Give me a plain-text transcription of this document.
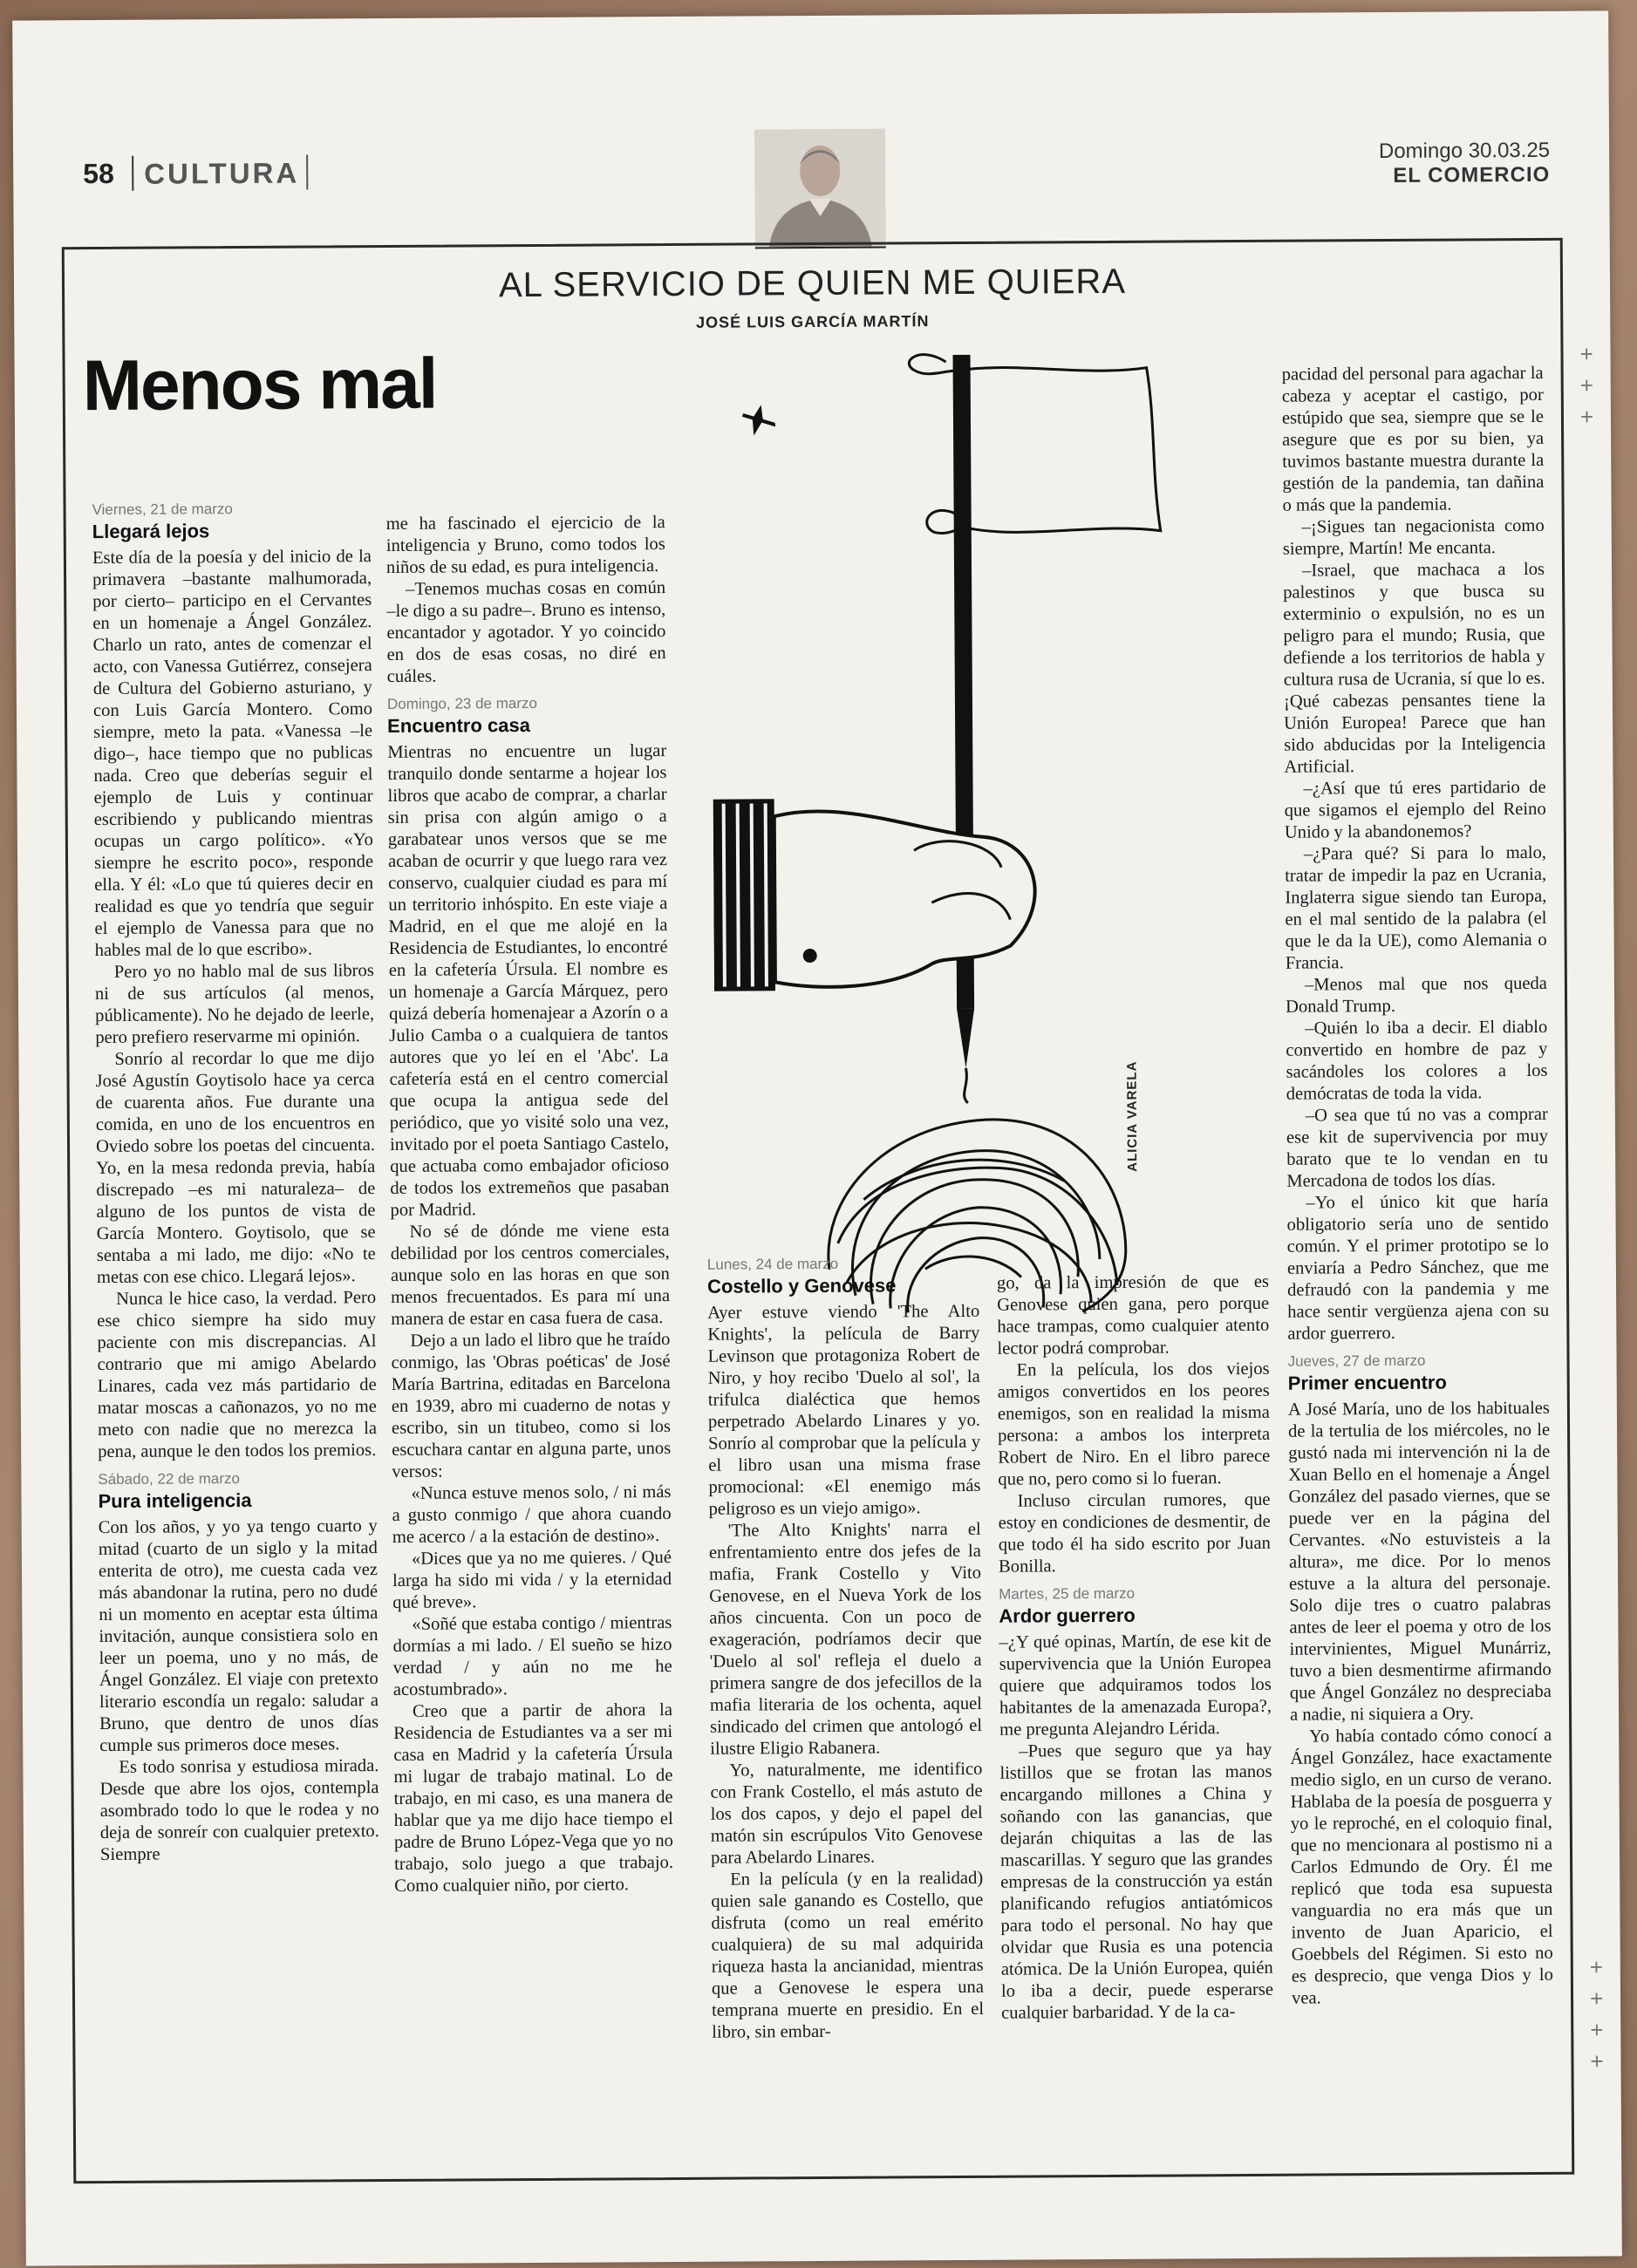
58 CULTURA
Domingo 30.03.25
EL COMERCIO
AL SERVICIO DE QUIEN ME QUIERA
JOSÉ LUIS GARCÍA MARTÍN
Menos mal
ALICIA VARELA
Viernes, 21 de marzo
Llegará lejos

Este día de la poesía y del inicio de la primavera –bastante malhumorada, por cierto– participo en el Cervantes en un homenaje a Ángel González. Charlo un rato, antes de comenzar el acto, con Vanessa Gutiérrez, consejera de Cultura del Gobierno asturiano, y con Luis García Montero. Como siempre, meto la pata. «Vanessa –le digo–, hace tiempo que no publicas nada. Creo que deberías seguir el ejemplo de Luis y continuar escribiendo y publicando mientras ocupas un cargo político». «Yo siempre he escrito poco», responde ella. Y él: «Lo que tú quieres decir en realidad es que yo tendría que seguir el ejemplo de Vanessa para que no hables mal de lo que escribo».

Pero yo no hablo mal de sus libros ni de sus artículos (al menos, públicamente). No he dejado de leerle, pero prefiero reservarme mi opinión.

Sonrío al recordar lo que me dijo José Agustín Goytisolo hace ya cerca de cuarenta años. Fue durante una comida, en uno de los encuentros en Oviedo sobre los poetas del cincuenta. Yo, en la mesa redonda previa, había discrepado –es mi naturaleza– de alguno de los puntos de vista de García Montero. Goytisolo, que se sentaba a mi lado, me dijo: «No te metas con ese chico. Llegará lejos».

Nunca le hice caso, la verdad. Pero ese chico siempre ha sido muy paciente con mis discrepancias. Al contrario que mi amigo Abelardo Linares, cada vez más partidario de matar moscas a cañonazos, yo no me meto con nadie que no merezca la pena, aunque le den todos los premios.

Sábado, 22 de marzo
Pura inteligencia

Con los años, y yo ya tengo cuarto y mitad (cuarto de un siglo y la mitad enterita de otro), me cuesta cada vez más abandonar la rutina, pero no dudé ni un momento en aceptar esta última invitación, aunque consistiera solo en leer un poema, uno y no más, de Ángel González. El viaje con pretexto literario escondía un regalo: saludar a Bruno, que dentro de unos días cumple sus primeros doce meses.

Es todo sonrisa y estudiosa mirada. Desde que abre los ojos, contempla asombrado todo lo que le rodea y no deja de sonreír con cualquier pretexto. Siempre

me ha fascinado el ejercicio de la inteligencia y Bruno, como todos los niños de su edad, es pura inteligencia.

–Tenemos muchas cosas en común –le digo a su padre–. Bruno es intenso, encantador y agotador. Y yo coincido en dos de esas cosas, no diré en cuáles.

Domingo, 23 de marzo
Encuentro casa

Mientras no encuentre un lugar tranquilo donde sentarme a hojear los libros que acabo de comprar, a charlar sin prisa con algún amigo o a garabatear unos versos que se me acaban de ocurrir y que luego rara vez conservo, cualquier ciudad es para mí un territorio inhóspito. En este viaje a Madrid, en el que me alojé en la Residencia de Estudiantes, lo encontré en la cafetería Úrsula. El nombre es un homenaje a García Márquez, pero quizá debería homenajear a Azorín o a Julio Camba o a cualquiera de tantos autores que yo leí en el 'Abc'. La cafetería está en el centro comercial que ocupa la antigua sede del periódico, que yo visité solo una vez, invitado por el poeta Santiago Castelo, que actuaba como embajador oficioso de todos los extremeños que pasaban por Madrid.

No sé de dónde me viene esta debilidad por los centros comerciales, aunque solo en las horas en que son menos frecuentados. Es para mí una manera de estar en casa fuera de casa.

Dejo a un lado el libro que he traído conmigo, las 'Obras poéticas' de José María Bartrina, editadas en Barcelona en 1939, abro mi cuaderno de notas y escribo, sin un titubeo, como si los escuchara cantar en alguna parte, unos versos:

«Nunca estuve menos solo, / ni más a gusto conmigo / que ahora cuando me acerco / a la estación de destino».

«Dices que ya no me quieres. / Qué larga ha sido mi vida / y la eternidad qué breve».

«Soñé que estaba contigo / mientras dormías a mi lado. / El sueño se hizo verdad / y aún no me he acostumbrado».

Creo que a partir de ahora la Residencia de Estudiantes va a ser mi casa en Madrid y la cafetería Úrsula mi lugar de trabajo matinal. Lo de trabajo, en mi caso, es una manera de hablar que ya me dijo hace tiempo el padre de Bruno López-Vega que yo no trabajo, solo juego a que trabajo. Como cualquier niño, por cierto.

Lunes, 24 de marzo
Costello y Genovese

Ayer estuve viendo 'The Alto Knights', la película de Barry Levinson que protagoniza Robert de Niro, y hoy recibo 'Duelo al sol', la trifulca dialéctica que hemos perpetrado Abelardo Linares y yo. Sonrío al comprobar que la película y el libro usan una misma frase promocional: «El enemigo más peligroso es un viejo amigo».

'The Alto Knights' narra el enfrentamiento entre dos jefes de la mafia, Frank Costello y Vito Genovese, en el Nueva York de los años cincuenta. Con un poco de exageración, podríamos decir que 'Duelo al sol' refleja el duelo a primera sangre de dos jefecillos de la mafia literaria de los ochenta, aquel sindicado del crimen que antologó el ilustre Eligio Rabanera.

Yo, naturalmente, me identifico con Frank Costello, el más astuto de los dos capos, y dejo el papel del matón sin escrúpulos Vito Genovese para Abelardo Linares.

En la película (y en la realidad) quien sale ganando es Costello, que disfruta (como un real emérito cualquiera) de su mal adquirida riqueza hasta la ancianidad, mientras que a Genovese le espera una temprana muerte en presidio. En el libro, sin embar-

go, da la impresión de que es Genovese quien gana, pero porque hace trampas, como cualquier atento lector podrá comprobar.

En la película, los dos viejos amigos convertidos en los peores enemigos, son en realidad la misma persona: a ambos los interpreta Robert de Niro. En el libro parece que no, pero como si lo fueran.

Incluso circulan rumores, que estoy en condiciones de desmentir, de que todo él ha sido escrito por Juan Bonilla.

Martes, 25 de marzo
Ardor guerrero

–¿Y qué opinas, Martín, de ese kit de supervivencia que la Unión Europea quiere que adquiramos todos los habitantes de la amenazada Europa?, me pregunta Alejandro Lérida.

–Pues que seguro que ya hay listillos que se frotan las manos encargando millones a China y soñando con las ganancias, que dejarán chiquitas a las de las mascarillas. Y seguro que las grandes empresas de la construcción ya están planificando refugios antiatómicos para todo el personal. No hay que olvidar que Rusia es una potencia atómica. De la Unión Europea, quién lo iba a decir, puede esperarse cualquier barbaridad. Y de la ca-

pacidad del personal para agachar la cabeza y aceptar el castigo, por estúpido que sea, siempre que se le asegure que es por su bien, ya tuvimos bastante muestra durante la gestión de la pandemia, tan dañina o más que la pandemia.

–¡Sigues tan negacionista como siempre, Martín! Me encanta.

–Israel, que machaca a los palestinos y que busca su exterminio o expulsión, no es un peligro para el mundo; Rusia, que defiende a los territorios de habla y cultura rusa de Ucrania, sí que lo es. ¡Qué cabezas pensantes tiene la Unión Europea! Parece que han sido abducidas por la Inteligencia Artificial.

–¿Así que tú eres partidario de que sigamos el ejemplo del Reino Unido y la abandonemos?

–¿Para qué? Si para lo malo, tratar de impedir la paz en Ucrania, Inglaterra sigue siendo tan Europa, en el mal sentido de la palabra (el que le da la UE), como Alemania o Francia.

–Menos mal que nos queda Donald Trump.

–Quién lo iba a decir. El diablo convertido en hombre de paz y sacándoles los colores a los demócratas de toda la vida.

–O sea que tú no vas a comprar ese kit de supervivencia por muy barato que te lo vendan en tu Mercadona de todos los días.

–Yo el único kit que haría obligatorio sería uno de sentido común. Y el primer prototipo se lo enviaría a Pedro Sánchez, que me defraudó con la pandemia y me hace sentir vergüenza ajena con su ardor guerrero.

Jueves, 27 de marzo
Primer encuentro

A José María, uno de los habituales de la tertulia de los miércoles, no le gustó nada mi intervención ni la de Xuan Bello en el homenaje a Ángel González del pasado viernes, que se puede ver en la página del Cervantes. «No estuvisteis a la altura», me dice. Por lo menos estuve a la altura del personaje. Solo dije tres o cuatro palabras antes de leer el poema y otro de los intervinientes, Miguel Munárriz, tuvo a bien desmentirme afirmando que Ángel González no despreciaba a nadie, ni siquiera a Ory.

Yo había contado cómo conocí a Ángel González, hace exactamente medio siglo, en un curso de verano. Hablaba de la poesía de posguerra y yo le reproché, en el coloquio final, que no mencionara al postismo ni a Carlos Edmundo de Ory. Él me replicó que toda esa supuesta vanguardia no era más que un invento de Juan Aparicio, el Goebbels del Régimen. Si esto no es desprecio, que venga Dios y lo vea.

+
+
+
+
+
+
+
